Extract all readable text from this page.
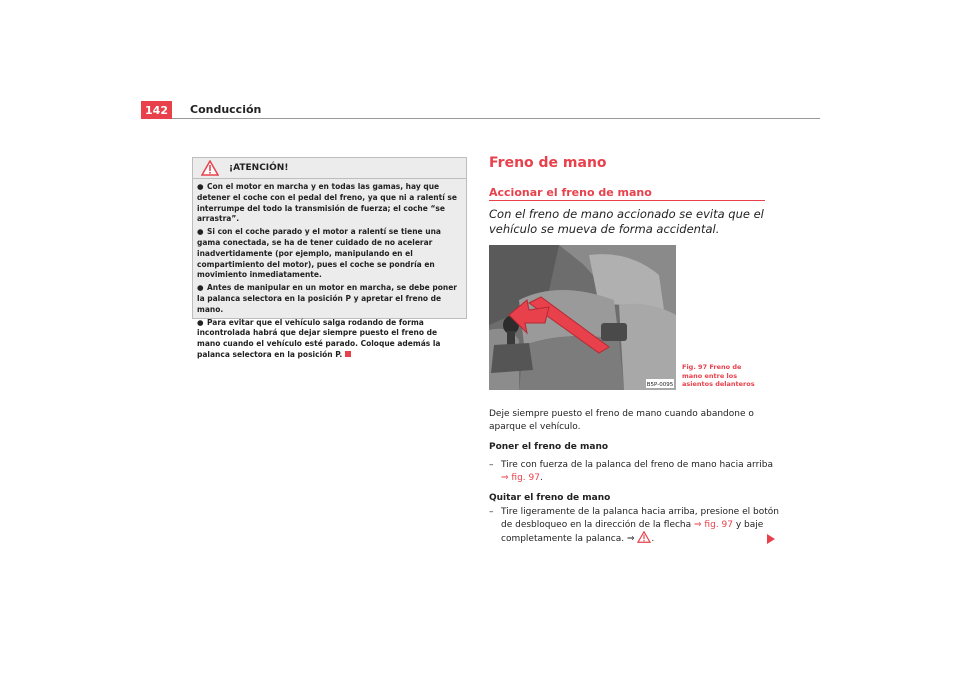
142	Conducción
¡ATENCIÓN!
● Con el motor en marcha y en todas las gamas, hay que detener el coche con el pedal del freno, ya que ni a ralentí se interrumpe del todo la transmisión de fuerza; el coche “se arrastra”.
● Si con el coche parado y el motor a ralentí se tiene una gama conectada, se ha de tener cuidado de no acelerar inadvertidamente (por ejemplo, manipulando en el compartimiento del motor), pues el coche se pondría en movimiento inmediatamente.
● Antes de manipular en un motor en marcha, se debe poner la palanca selectora en la posición P y apretar el freno de mano.
● Para evitar que el vehículo salga rodando de forma incontrolada habrá que dejar siempre puesto el freno de mano cuando el vehículo esté parado. Coloque además la palanca selectora en la posición P.
Freno de mano
Accionar el freno de mano
Con el freno de mano accionado se evita que el vehículo se mueva de forma accidental.
B5P-0095
Fig. 97 Freno de mano entre los asientos delanteros
Deje siempre puesto el freno de mano cuando abandone o aparque el vehículo.
Poner el freno de mano
– Tire con fuerza de la palanca del freno de mano hacia arriba
⇒ fig. 97.
Quitar el freno de mano
– Tire ligeramente de la palanca hacia arriba, presione el botón de desbloqueo en la dirección de la flecha ⇒ fig. 97 y baje completamente la palanca. ⇒ .
